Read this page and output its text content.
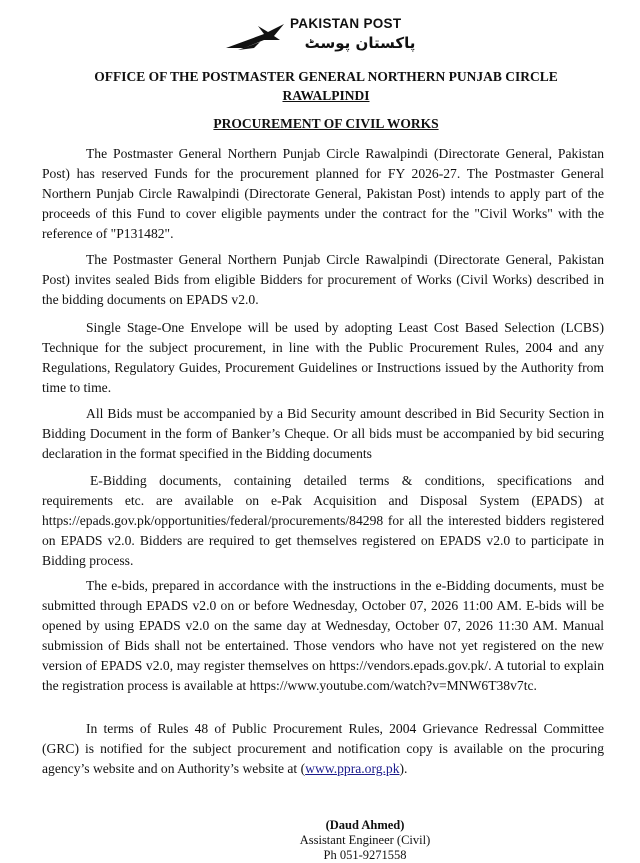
PAKISTAN POST
پاکستان پوسٹ
OFFICE OF THE POSTMASTER GENERAL NORTHERN PUNJAB CIRCLE
RAWALPINDI
PROCUREMENT OF CIVIL WORKS

The Postmaster General Northern Punjab Circle Rawalpindi (Directorate General, Pakistan Post) has reserved Funds for the procurement planned for FY 2026-27. The Postmaster General Northern Punjab Circle Rawalpindi (Directorate General, Pakistan Post) intends to apply part of the proceeds of this Fund to cover eligible payments under the contract for the "Civil Works" with the reference of "P131482".

The Postmaster General Northern Punjab Circle Rawalpindi (Directorate General, Pakistan Post) invites sealed Bids from eligible Bidders for procurement of Works (Civil Works) described in the bidding documents on EPADS v2.0.

Single Stage-One Envelope will be used by adopting Least Cost Based Selection (LCBS) Technique for the subject procurement, in line with the Public Procurement Rules, 2004 and any Regulations, Regulatory Guides, Procurement Guidelines or Instructions issued by the Authority from time to time.

All Bids must be accompanied by a Bid Security amount described in Bid Security Section in Bidding Document in the form of Banker’s Cheque. Or all bids must be accompanied by bid securing declaration in the format specified in the Bidding documents

E-Bidding documents, containing detailed terms & conditions, specifications and requirements etc. are available on e-Pak Acquisition and Disposal System (EPADS) at https://epads.gov.pk/opportunities/federal/procurements/84298 for all the interested bidders registered on EPADS v2.0. Bidders are required to get themselves registered on EPADS v2.0 to participate in Bidding process.

The e-bids, prepared in accordance with the instructions in the e-Bidding documents, must be submitted through EPADS v2.0 on or before Wednesday, October 07, 2026 11:00 AM. E-bids will be opened by using EPADS v2.0 on the same day at Wednesday, October 07, 2026 11:30 AM. Manual submission of Bids shall not be entertained. Those vendors who have not yet registered on the new version of EPADS v2.0, may register themselves on https://vendors.epads.gov.pk/. A tutorial to explain the registration process is available at https://www.youtube.com/watch?v=MNW6T38v7tc.

In terms of Rules 48 of Public Procurement Rules, 2004 Grievance Redressal Committee (GRC) is notified for the subject procurement and notification copy is available on the procuring agency’s website and on Authority’s website at (www.ppra.org.pk).

(Daud Ahmed)
Assistant Engineer (Civil)
Ph 051-9271558
